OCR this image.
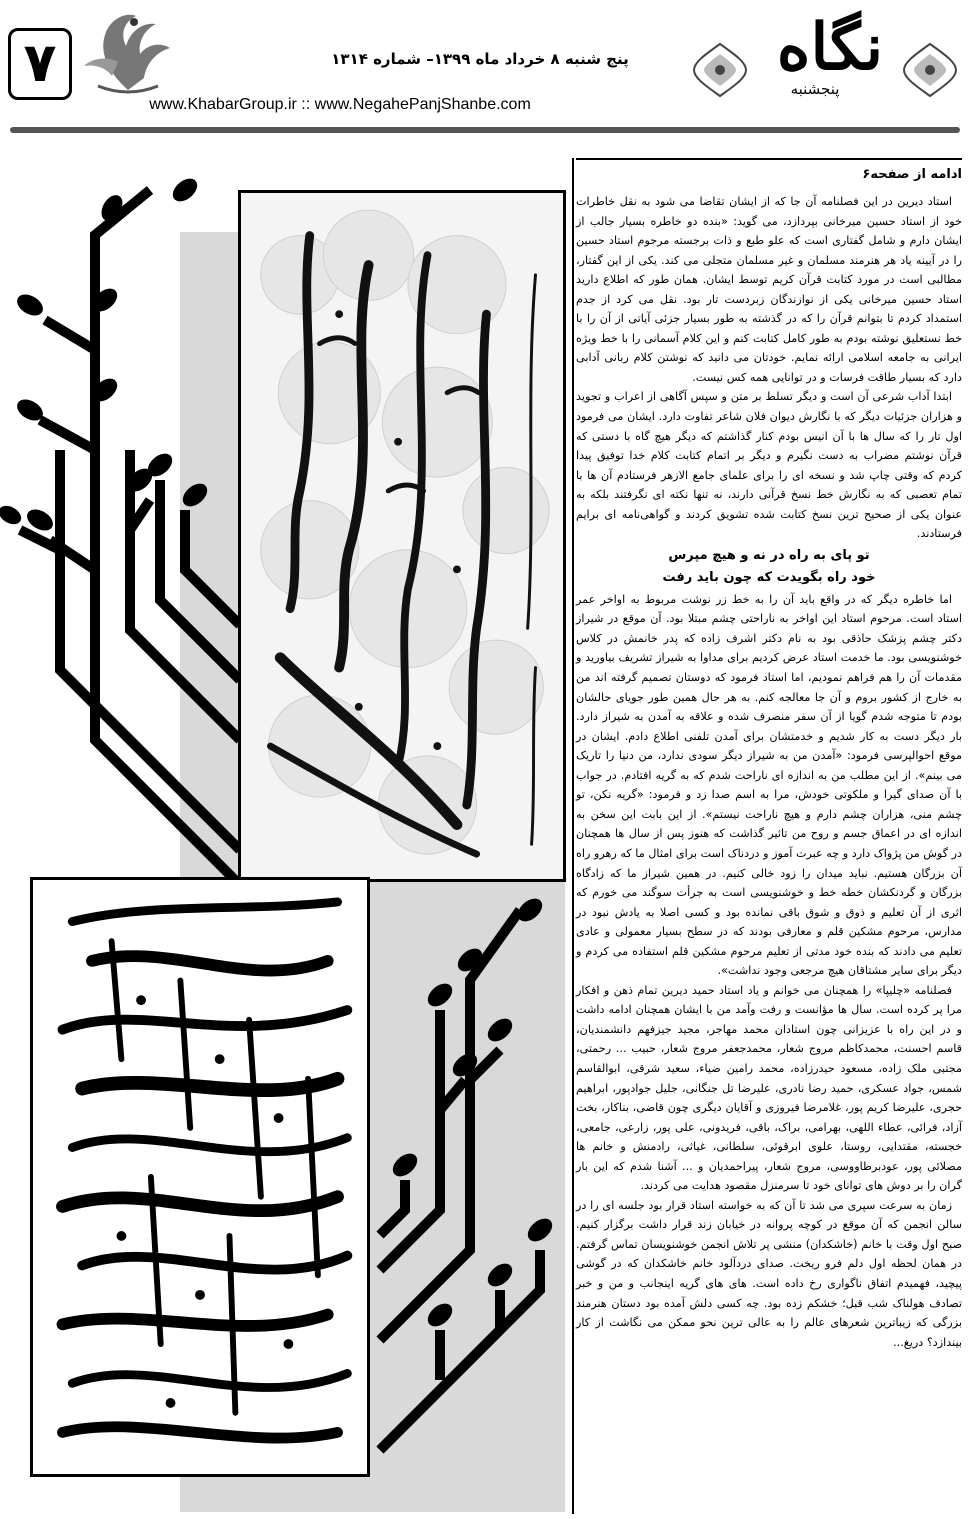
۷	پنج شنبه ۸ خرداد ماه ۱۳۹۹– شماره ۱۳۱۴
www.KhabarGroup.ir :: www.NegahePanjShanbe.com
نگاه
پنجشنبه
ادامه از صفحه۶

استاد دیرین در این فصلنامه آن جا که از ایشان تقاضا می شود به نقل خاطرات خود از استاد حسین میرخانی بپردازد، می گوید: «بنده دو خاطره بسیار جالب از ایشان دارم و شامل گفتاری است که علو طبع و ذات برجسته مرحوم استاد حسین را در آیینه یاد هر هنرمند مسلمان و غیر مسلمان متجلی می کند. یکی از این گفتار، مطالبی است در مورد کتابت قرآن کریم توسط ایشان. همان طور که اطلاع دارید استاد حسین میرخانی یکی از نوازندگان زبردست تار بود. نقل می کرد از جدم استمداد کردم تا بتوانم قرآن را که در گذشته به طور بسیار جزئی آیاتی از آن را با خط نستعلیق نوشته بودم به طور کامل کتابت کنم و این کلام آسمانی را با خط ویژه ایرانی به جامعه اسلامی ارائه نمایم. خودتان می دانید که نوشتن کلام ربانی آدابی دارد که بسیار طاقت فرسات و در توانایی همه کس نیست.

ابتدا آداب شرعی آن است و دیگر تسلط بر متن و سپس آگاهی از اعراب و تجوید و هزاران جزئیات دیگر که با نگارش دیوان فلان شاعر تفاوت دارد. ایشان می فرمود اول تار را که سال ها با آن انیس بودم کنار گذاشتم که دیگر هیچ گاه با دستی که قرآن نوشتم مضراب به دست نگیرم و دیگر بر اتمام کتابت کلام خدا توفیق پیدا کردم که وقتی چاپ شد و نسخه ای را برای علمای جامع الازهر فرستادم آن ها با تمام تعصبی که به نگارش خط نسخ قرآنی دارند، نه تنها نکته ای نگرفتند بلکه به عنوان یکی از صحیح ترین نسخ کتابت شده تشویق کردند و گواهی‌نامه ای برایم فرستادند.

تو پای به راه در نه و هیچ مپرس
خود راه بگویدت که چون باید رفت

اما خاطره دیگر که در واقع باید آن را به خط زر نوشت مربوط به اواخر عمر استاد است. مرحوم استاد این اواخر به ناراحتی چشم مبتلا بود. آن موقع در شیراز دکتر چشم پزشک حاذقی بود به نام دکتر اشرف زاده که پدر خانمش در کلاس خوشنویسی بود. ما خدمت استاد عرض کردیم برای مداوا به شیراز تشریف بیاورید و مقدمات آن را هم فراهم نمودیم، اما استاد فرمود که دوستان تصمیم گرفته اند من به خارج از کشور بروم و آن جا معالجه کنم. به هر حال همین طور جویای حالشان بودم تا متوجه شدم گویا از آن سفر منصرف شده و علاقه به آمدن به شیراز دارد. بار دیگر دست به کار شدیم و خدمتشان برای آمدن تلفنی اطلاع دادم. ایشان در موقع احوالپرسی فرمود: «آمدن من به شیراز دیگر سودی ندارد، من دنیا را تاریک می بینم». از این مطلب من به اندازه ای ناراحت شدم که به گریه افتادم. در جواب با آن صدای گیرا و ملکوتی خودش، مرا به اسم صدا زد و فرمود: «گریه نکن، تو چشم منی، هزاران چشم دارم و هیچ ناراحت نیستم». از این بابت این سخن به اندازه ای در اعماق جسم و روح من تاثیر گذاشت که هنوز پس از سال ها همچنان در گوش من پژواک دارد و چه عبرت آموز و دردناک است برای امثال ما که رهرو راه آن بزرگان هستیم. نباید میدان را زود خالی کنیم. در همین شیراز ما که زادگاه بزرگان و گردنکشان خطه خط و خوشنویسی است به جرأت سوگند می خورم که اثری از آن تعلیم و ذوق و شوق باقی نمانده بود و کسی اصلا به یادش نبود در مدارس، مرحوم مشکین قلم و معارفی بودند که در سطح بسیار معمولی و عادی تعلیم می دادند که بنده خود مدتی از تعلیم مرحوم مشکین قلم استفاده می کردم و دیگر برای سایر مشتاقان هیچ مرجعی وجود نداشت».

فصلنامه «چلیپا» را همچنان می خوانم و یاد استاد حمید دیرین تمام ذهن و افکار مرا پر کرده است. سال ها مؤانست و رفت وآمد من با ایشان همچنان ادامه داشت و در این راه با عزیزانی چون استادان محمد مهاجر، مجید جیزفهم دانشمندیان، قاسم احسنت، محمدکاظم مروج شعار، محمدجعفر مروج شعار، حبیب ... رحمتی، مجتبی ملک زاده، مسعود حیدرزاده، محمد رامین ضیاء، سعید شرقی، ابوالقاسم شمس، جواد عسکری، حمید رضا نادری، علیرضا تل جنگانی، جلیل جوادپور، ابراهیم حجری، علیرضا کریم پور، غلامرضا فیروزی و آقایان دیگری چون قاضی، بناکار، بخت آزاد، فرائی، عطاء اللهی، بهرامی، براک، باقی، فریدونی، علی پور، زارعی، جامعی، خجسته، مقتدایی، روستا، علوی ابرقوئی، سلطانی، غیاثی، رادمنش و خانم ها مصلائی پور، عودبرطاووسی، مروج شعار، پیراحمدیان و ... آشنا شدم که این بار گران را بر دوش های توانای خود تا سرمنزل مقصود هدایت می کردند.

زمان به سرعت سپری می شد تا آن که به خواسته استاد قرار بود جلسه ای را در سالن انجمن که آن موقع در کوچه پروانه در خیابان زند قرار داشت برگزار کنیم. صبح اول وقت با خانم (خاشکدان) منشی پر تلاش انجمن خوشنویسان تماس گرفتم. در همان لحظه اول دلم فرو ریخت. صدای دردآلود خانم خاشکدان که در گوشی پیچید، فهمیدم اتفاق ناگواری رخ داده است. های های گریه اینجانب و من و خبر تصادف هولناک شب قبل؛ خشکم زده بود. چه کسی دلش آمده بود دستان هنرمند بزرگی که زیباترین شعرهای عالم را به عالی ترین نحو ممکن می نگاشت از کار بیندازد؟ دریغ...
